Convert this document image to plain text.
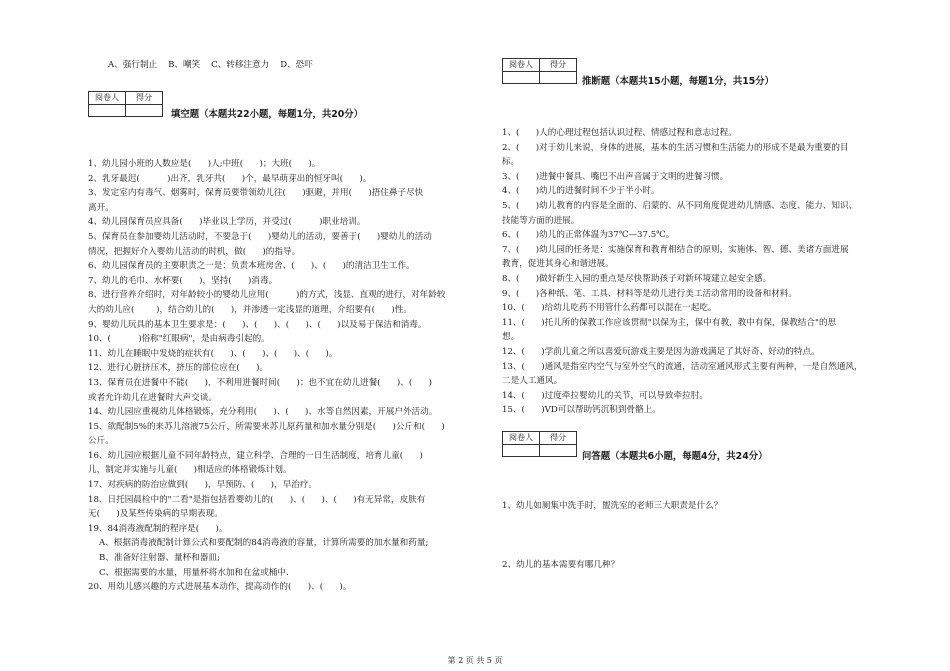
A、强行制止    B、嘲笑    C、转移注意力    D、恐吓
阅卷人	得分

填空题（本题共22小题，每题1分，共20分）
1、幼儿园小班的人数应是(      )人;中班(      )；大班(      )。
2、乳牙最迟(          )出齐，乳牙共(      )个，最早萌芽出的恒牙叫(      )。
3、发定室内有毒气、烟雾时，保育员要带领幼儿往(      )驱避，并用(      )捂住鼻子尽快
离开。
4、幼儿园保育员应具备(      )毕业以上学历，并受过(          )职业培训。
5、保育员在参加婴幼儿活动时，不要急于(      )婴幼儿的活动，要善于(      )婴幼儿的活动
情况，把握好介入婴幼儿活动的时机，做(      )的指导。
6、幼儿园保育员的主要职责之一是：负责本班房舍、(      )、(      )的清洁卫生工作。
7、幼儿的毛巾、水杯要(      )，坚持(      )消毒。
8、进行营养介绍时，对年龄较小的婴幼儿应用(          )的方式，浅显、直观的进行，对年龄较
大的幼儿应(        )，结合幼儿的(      )，并渗透一定浅显的道理，介绍要有(      )性。
9、婴幼儿玩具的基本卫生要求是：(      )、(      )、(      )、(      )以及易于保洁和消毒。
10、(          )俗称"红眼病"，是由病毒引起的。
11、幼儿在睡眠中发烧的症状有(      )、(      )、(      )、(      )。
12、进行心脏挤压术，挤压的部位应在(      )。
13、保育员在进餐中不能(      )，不利用进餐时间(      )；也不宜在幼儿进餐(      )、(      )
或者允许幼儿在进餐时大声交谈。
14、幼儿园应重视幼儿体格锻炼，充分利用(      )、(      )、水等自然因素，开展户外活动。
15、欲配制5%的来苏儿溶液75公斤，所需要来苏儿原药量和加水量分别是(      )公斤和(      )
公斤。
16、幼儿园应根据儿童不同年龄特点，建立科学、合理的一日生活制度，培育儿童(      )
儿，制定并实施与儿童(      )相适应的体格锻炼计划。
17、对疾病的防治应做到(      )，早预防、(      )，早治疗。
18、日托园晨检中的"二看"是指包括看婴幼儿的(      )、(      )、(      )有无异常，皮肤有
无(      )及某些传染病的早期表现。
19、84消毒液配制的程序是(      )。
A、根据消毒液配制计算公式和要配制的84消毒液的容量，计算所需要的加水量和药量;
B、准备好注射器、量杯和器皿;
C、根据需要的水量，用量杯将水加和在盆或桶中.
20、用幼儿感兴趣的方式进展基本动作，提高动作的(      )、(      )。
阅卷人	得分

推断题（本题共15小题，每题1分，共15分）
1、(      )人的心理过程包括认识过程、情感过程和意志过程。
2、(      )对于幼儿来说，身体的进展，基本的生活习惯和生活能力的形成不是最为重要的目
标。
3、(      )进餐中餐具、嘴巴不出声音属于文明的进餐习惯。
4、(      )幼儿的进餐时间不少于半小时。
5、(      )幼儿教育的内容是全面的、启蒙的、从不同角度促进幼儿情感、态度、能力、知识、
技能等方面的进展。
6、(      )幼儿的正常体温为37℃—37.5℃。
7、(      )幼儿园的任务是：实施保育和教育相结合的原则，实施体、智、德、美诸方面进展
教育，促进其身心和谐进展。
8、(      )做好新生入园的重点是尽快帮助孩子对新环境建立起安全感。
9、(      )各种纸、笔、工具、材料等是幼儿进行美工活动常用的设备和材料。
10、(      )给幼儿吃药不用管什么药都可以混在一起吃。
11、(      )托儿所的保教工作应该贯彻"以保为主，保中有教，教中有保，保教结合"的思
想。
12、(      )学前儿童之所以喜爱玩游戏主要是因为游戏满足了其好奇、好动的特点。
13、(      )通风是指室内空气与室外空气的流通，活动室通风形式主要有两种，一是自然通风，
二是人工通风。
14、(      )过度牵拉婴幼儿的关节，可以导致牵拉肘。
15、(      )VD可以帮助钙沉积到骨骼上。
阅卷人	得分

问答题（本题共6小题，每题4分，共24分）
1、幼儿如厕集中洗手时，盥洗室的老师三大职责是什么？
2、幼儿的基本需要有哪几种？
第 2 页 共 5 页
